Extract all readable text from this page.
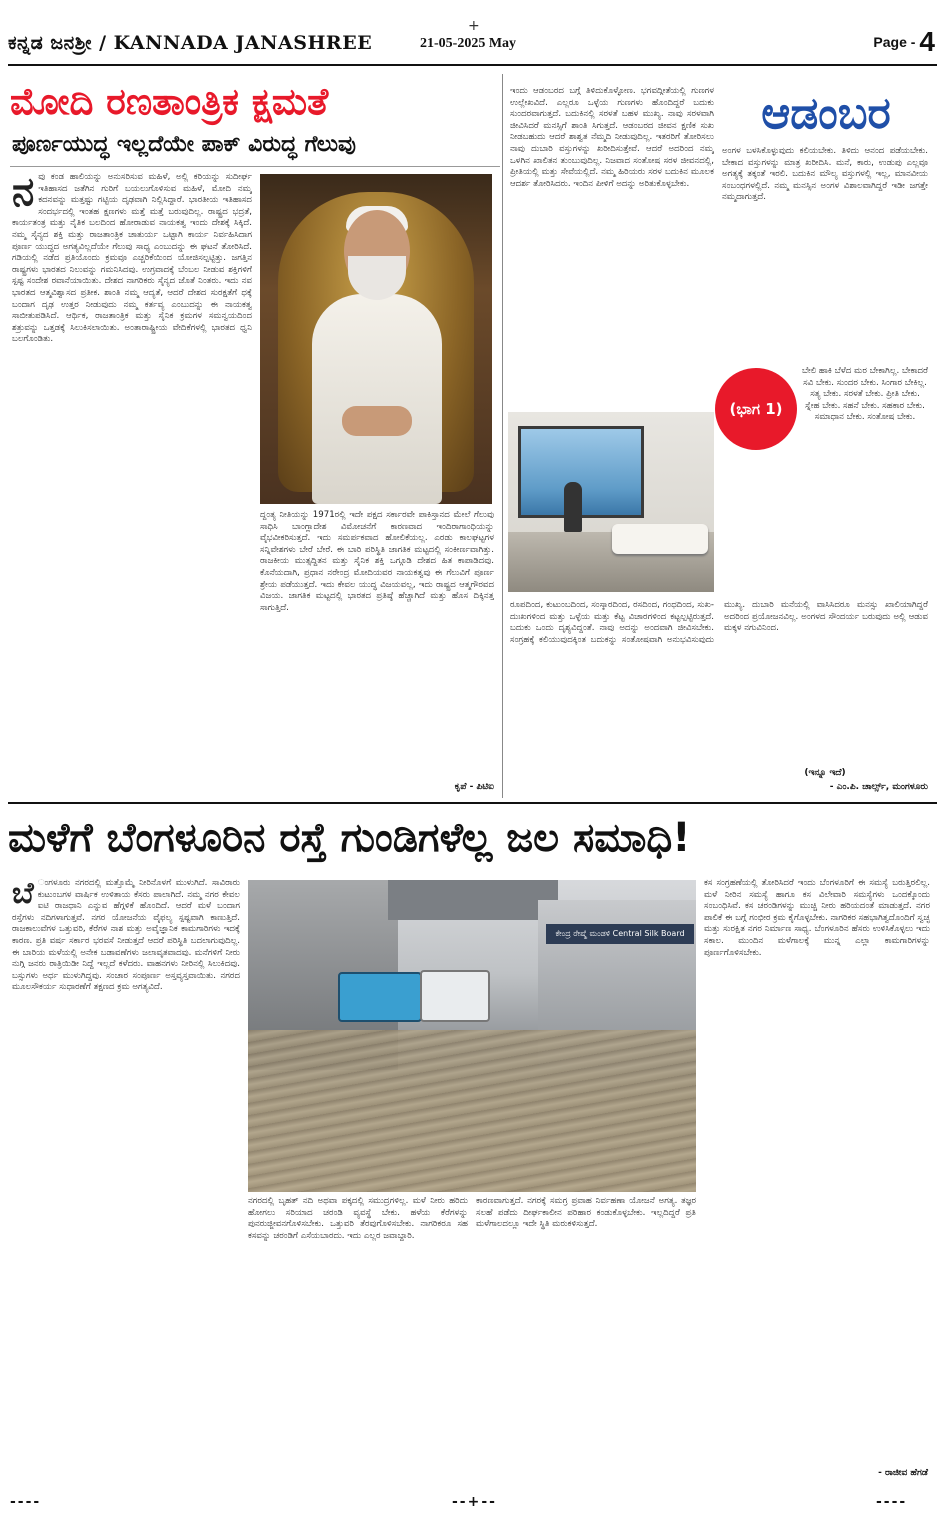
+
ಕನ್ನಡ ಜನಶ್ರೀ / KANNADA JANASHREE	21-05-2025 May	Page - 4
ಮೋದಿ ರಣತಾಂತ್ರಿಕ ಕ್ಷಮತೆ
ಪೂರ್ಣಯುದ್ಧ ಇಲ್ಲದೆಯೇ ಪಾಕ್ ವಿರುದ್ಧ ಗೆಲುವು
ನವು ಕಂಡ ಹಾಲಿಯನ್ನು ಅನುಸರಿಸುವ ಮಹಿಳೆ, ಅಲ್ಲಿ ಕರಿಯನ್ನು ಸುದೀರ್ಘ ಇತಿಹಾಸದ ಜತೆಗಿನ ಗುರಿಗೆ ಬಯಲುಗೊಳಿಸುವ ಮಹಿಳೆ, ಮೋದಿ ನಮ್ಮ ಕದನವನ್ನು ಮತ್ತಷ್ಟು ಗಟ್ಟಿಯ ದೃಢವಾಗಿ ನಿಲ್ಲಿಸಿದ್ದಾರೆ. ಭಾರತೀಯ ಇತಿಹಾಸದ ಸಂದರ್ಭದಲ್ಲಿ ಇಂತಹ ಕ್ಷಣಗಳು ಮತ್ತೆ ಮತ್ತೆ ಬರುವುದಿಲ್ಲ. ರಾಷ್ಟ್ರದ ಭದ್ರತೆ, ಕಾರ್ಯತಂತ್ರ ಮತ್ತು ನೈತಿಕ ಬಲದಿಂದ ಹೋರಾಡುವ ನಾಯಕತ್ವ ಇಂದು ದೇಶಕ್ಕೆ ಸಿಕ್ಕಿದೆ. ನಮ್ಮ ಸೈನ್ಯದ ಶಕ್ತಿ ಮತ್ತು ರಾಜತಾಂತ್ರಿಕ ಚಾತುರ್ಯ ಒಟ್ಟಾಗಿ ಕಾರ್ಯ ನಿರ್ವಹಿಸಿದಾಗ ಪೂರ್ಣ ಯುದ್ಧದ ಅಗತ್ಯವಿಲ್ಲದೆಯೇ ಗೆಲುವು ಸಾಧ್ಯ ಎಂಬುದನ್ನು ಈ ಘಟನೆ ತೋರಿಸಿದೆ. ಗಡಿಯಲ್ಲಿ ನಡೆದ ಪ್ರತಿಯೊಂದು ಕ್ರಮವೂ ಎಚ್ಚರಿಕೆಯಿಂದ ಯೋಜಿಸಲ್ಪಟ್ಟಿತ್ತು. ಜಗತ್ತಿನ ರಾಷ್ಟ್ರಗಳು ಭಾರತದ ನಿಲುವನ್ನು ಗಮನಿಸಿದವು. ಉಗ್ರವಾದಕ್ಕೆ ಬೆಂಬಲ ನೀಡುವ ಶಕ್ತಿಗಳಿಗೆ ಸ್ಪಷ್ಟ ಸಂದೇಶ ರವಾನೆಯಾಯಿತು. ದೇಶದ ನಾಗರಿಕರು ಸೈನ್ಯದ ಜೊತೆ ನಿಂತರು. ಇದು ನವ ಭಾರತದ ಆತ್ಮವಿಶ್ವಾಸದ ಪ್ರತೀಕ. ಶಾಂತಿ ನಮ್ಮ ಆದ್ಯತೆ, ಆದರೆ ದೇಶದ ಸುರಕ್ಷತೆಗೆ ಧಕ್ಕೆ ಬಂದಾಗ ದೃಢ ಉತ್ತರ ನೀಡುವುದು ನಮ್ಮ ಕರ್ತವ್ಯ ಎಂಬುದನ್ನು ಈ ನಾಯಕತ್ವ ಸಾಬೀತುಪಡಿಸಿದೆ. ಆರ್ಥಿಕ, ರಾಜತಾಂತ್ರಿಕ ಮತ್ತು ಸೈನಿಕ ಕ್ರಮಗಳ ಸಮನ್ವಯದಿಂದ ಶತ್ರುವನ್ನು ಒತ್ತಡಕ್ಕೆ ಸಿಲುಕಿಸಲಾಯಿತು. ಅಂತಾರಾಷ್ಟ್ರೀಯ ವೇದಿಕೆಗಳಲ್ಲಿ ಭಾರತದ ಧ್ವನಿ ಬಲಗೊಂಡಿತು.
ದ್ದಂತ್ಯ ನೀತಿಯನ್ನು 1971ರಲ್ಲಿ ಇದೇ ಪಕ್ಷದ ಸರ್ಕಾರವೇ ಪಾಕಿಸ್ತಾನದ ಮೇಲೆ ಗೆಲುವು ಸಾಧಿಸಿ ಬಾಂಗ್ಲಾದೇಶ ವಿಮೋಚನೆಗೆ ಕಾರಣವಾದ ಇಂದಿರಾಗಾಂಧಿಯನ್ನು ವೈಭವೀಕರಿಸುತ್ತದೆ. ಇದು ಸಮರ್ಪಕವಾದ ಹೋಲಿಕೆಯಲ್ಲ. ಎರಡು ಕಾಲಘಟ್ಟಗಳ ಸನ್ನಿವೇಶಗಳು ಬೇರೆ ಬೇರೆ. ಈ ಬಾರಿ ಪರಿಸ್ಥಿತಿ ಜಾಗತಿಕ ಮಟ್ಟದಲ್ಲಿ ಸಂಕೀರ್ಣವಾಗಿತ್ತು. ರಾಜಕೀಯ ಮುತ್ಸದ್ದಿತನ ಮತ್ತು ಸೈನಿಕ ಶಕ್ತಿ ಒಗ್ಗೂಡಿ ದೇಶದ ಹಿತ ಕಾಪಾಡಿದವು. ಕೊನೆಯದಾಗಿ, ಪ್ರಧಾನ ನರೇಂದ್ರ ಮೋದಿಯವರ ನಾಯಕತ್ವವು ಈ ಗೆಲುವಿಗೆ ಪೂರ್ಣ ಶ್ರೇಯ ಪಡೆಯುತ್ತದೆ. ಇದು ಕೇವಲ ಯುದ್ಧ ವಿಜಯವಲ್ಲ, ಇದು ರಾಷ್ಟ್ರದ ಆತ್ಮಗೌರವದ ವಿಜಯ. ಜಾಗತಿಕ ಮಟ್ಟದಲ್ಲಿ ಭಾರತದ ಪ್ರತಿಷ್ಠೆ ಹೆಚ್ಚಾಗಿದೆ ಮತ್ತು ಹೊಸ ದಿಕ್ಕಿನತ್ತ ಸಾಗುತ್ತಿದೆ.
ಕೃಪೆ - ಪಿಟಿಐ
ಇಂದು ಆಡಂಬರದ ಬಗ್ಗೆ ತಿಳಿದುಕೊಳ್ಳೋಣ. ಭಗವದ್ಗೀತೆಯಲ್ಲಿ ಗುಣಗಳ ಉಲ್ಲೇಖವಿದೆ. ಎಲ್ಲರೂ ಒಳ್ಳೆಯ ಗುಣಗಳು ಹೊಂದಿದ್ದರೆ ಬದುಕು ಸುಂದರವಾಗುತ್ತದೆ. ಬದುಕಿನಲ್ಲಿ ಸರಳತೆ ಬಹಳ ಮುಖ್ಯ. ನಾವು ಸರಳವಾಗಿ ಜೀವಿಸಿದರೆ ಮನಸ್ಸಿಗೆ ಶಾಂತಿ ಸಿಗುತ್ತದೆ. ಆಡಂಬರದ ಜೀವನ ಕ್ಷಣಿಕ ಸುಖ ನೀಡಬಹುದು ಆದರೆ ಶಾಶ್ವತ ನೆಮ್ಮದಿ ನೀಡುವುದಿಲ್ಲ. ಇತರರಿಗೆ ತೋರಿಸಲು ನಾವು ದುಬಾರಿ ವಸ್ತುಗಳನ್ನು ಖರೀದಿಸುತ್ತೇವೆ. ಆದರೆ ಅದರಿಂದ ನಮ್ಮ ಒಳಗಿನ ಖಾಲಿತನ ತುಂಬುವುದಿಲ್ಲ. ನಿಜವಾದ ಸಂತೋಷ ಸರಳ ಜೀವನದಲ್ಲಿ, ಪ್ರೀತಿಯಲ್ಲಿ ಮತ್ತು ಸೇವೆಯಲ್ಲಿದೆ. ನಮ್ಮ ಹಿರಿಯರು ಸರಳ ಬದುಕಿನ ಮೂಲಕ ಆದರ್ಶ ತೋರಿಸಿದರು. ಇಂದಿನ ಪೀಳಿಗೆ ಅದನ್ನು ಅರಿತುಕೊಳ್ಳಬೇಕು.
ಆಡಂಬರ
ಅಂಗಳ ಬಳಸಿಕೊಳ್ಳುವುದು ಕಲಿಯಬೇಕು. ತಿಳಿದು ಆನಂದ ಪಡೆಯಬೇಕು. ಬೇಕಾದ ವಸ್ತುಗಳನ್ನು ಮಾತ್ರ ಖರೀದಿಸಿ. ಮನೆ, ಕಾರು, ಉಡುಪು ಎಲ್ಲವೂ ಅಗತ್ಯಕ್ಕೆ ತಕ್ಕಂತೆ ಇರಲಿ. ಬದುಕಿನ ಮೌಲ್ಯ ವಸ್ತುಗಳಲ್ಲಿ ಇಲ್ಲ, ಮಾನವೀಯ ಸಂಬಂಧಗಳಲ್ಲಿದೆ. ನಮ್ಮ ಮನಸ್ಸಿನ ಅಂಗಳ ವಿಶಾಲವಾಗಿದ್ದರೆ ಇಡೀ ಜಗತ್ತೇ ನಮ್ಮದಾಗುತ್ತದೆ.
(ಭಾಗ 1)
ಬೇಲಿ ಹಾಕಿ ಬೆಳೆದ ಮರ ಬೇಕಾಗಿಲ್ಲ. ಬೇಕಾದರೆ ಸವಿ ಬೇಕು. ಸುಂದರ ಬೇಕು. ಸಿಂಗಾರ ಬೇಕಿಲ್ಲ. ಸತ್ಯ ಬೇಕು. ಸರಳತೆ ಬೇಕು. ಪ್ರೀತಿ ಬೇಕು. ಸ್ನೇಹ ಬೇಕು. ಸಹನೆ ಬೇಕು. ಸಹಕಾರ ಬೇಕು. ಸಮಾಧಾನ ಬೇಕು. ಸಂತೋಷ ಬೇಕು.
ರೂಪದಿಂದ, ಕುಟುಂಬದಿಂದ, ಸಂಸ್ಕಾರದಿಂದ, ರಸದಿಂದ, ಗಂಧದಿಂದ, ಸುಖ-ದುಃಖಗಳಿಂದ ಮತ್ತು ಒಳ್ಳೆಯ ಮತ್ತು ಕೆಟ್ಟ ವಿಚಾರಗಳಿಂದ ಕಟ್ಟಲ್ಪಟ್ಟಿರುತ್ತದೆ. ಬದುಕು ಒಂದು ದೃಶ್ಯವಿದ್ದಂತೆ. ನಾವು ಅದನ್ನು ಅಂದವಾಗಿ ಜೀವಿಸಬೇಕು. ಸಂಗ್ರಹಕ್ಕೆ ಕಲಿಯುವುದಕ್ಕಿಂತ ಬದುಕನ್ನು ಸಂತೋಷವಾಗಿ ಅನುಭವಿಸುವುದು ಮುಖ್ಯ. ದುಬಾರಿ ಮನೆಯಲ್ಲಿ ವಾಸಿಸಿದರೂ ಮನಸ್ಸು ಖಾಲಿಯಾಗಿದ್ದರೆ ಅದರಿಂದ ಪ್ರಯೋಜನವಿಲ್ಲ. ಅಂಗಳದ ಸೌಂದರ್ಯ ಬರುವುದು ಅಲ್ಲಿ ಆಡುವ ಮಕ್ಕಳ ನಗುವಿನಿಂದ.
(ಇನ್ನೂ ಇದೆ)
- ಎಂ.ಪಿ. ಚಾರ್ಲ್ಸ್, ಮಂಗಳೂರು
ಮಳೆಗೆ ಬೆಂಗಳೂರಿನ ರಸ್ತೆ ಗುಂಡಿಗಳೆಲ್ಲ ಜಲ ಸಮಾಧಿ!
ಬೆ ಂಗಳೂರು ನಗರದಲ್ಲಿ ಮತ್ತೊಮ್ಮೆ ನೀರಿನೊಳಗೆ ಮುಳುಗಿದೆ. ಸಾವಿರಾರು ಕುಟುಂಬಗಳ ವಾರ್ಷಿಕ ಉಳಿತಾಯ ಕೆಸರು ಪಾಲಾಗಿದೆ. ನಮ್ಮ ನಗರ ಕೇವಲ ಐಟಿ ರಾಜಧಾನಿ ಎನ್ನುವ ಹೆಗ್ಗಳಿಕೆ ಹೊಂದಿದೆ. ಆದರೆ ಮಳೆ ಬಂದಾಗ ರಸ್ತೆಗಳು ನದಿಗಳಾಗುತ್ತವೆ. ನಗರ ಯೋಜನೆಯ ವೈಫಲ್ಯ ಸ್ಪಷ್ಟವಾಗಿ ಕಾಣುತ್ತಿದೆ. ರಾಜಕಾಲುವೆಗಳ ಒತ್ತುವರಿ, ಕೆರೆಗಳ ನಾಶ ಮತ್ತು ಅವೈಜ್ಞಾನಿಕ ಕಾಮಗಾರಿಗಳು ಇದಕ್ಕೆ ಕಾರಣ. ಪ್ರತಿ ವರ್ಷ ಸರ್ಕಾರ ಭರವಸೆ ನೀಡುತ್ತದೆ ಆದರೆ ಪರಿಸ್ಥಿತಿ ಬದಲಾಗುವುದಿಲ್ಲ. ಈ ಬಾರಿಯ ಮಳೆಯಲ್ಲಿ ಅನೇಕ ಬಡಾವಣೆಗಳು ಜಲಾವೃತವಾದವು. ಮನೆಗಳಿಗೆ ನೀರು ನುಗ್ಗಿ ಜನರು ರಾತ್ರಿಯಿಡೀ ನಿದ್ದೆ ಇಲ್ಲದೆ ಕಳೆದರು. ವಾಹನಗಳು ನೀರಿನಲ್ಲಿ ಸಿಲುಕಿದವು. ಬಸ್ಸುಗಳು ಅರ್ಧ ಮುಳುಗಿದ್ದವು. ಸಂಚಾರ ಸಂಪೂರ್ಣ ಅಸ್ತವ್ಯಸ್ತವಾಯಿತು. ನಗರದ ಮೂಲಸೌಕರ್ಯ ಸುಧಾರಣೆಗೆ ತಕ್ಷಣದ ಕ್ರಮ ಅಗತ್ಯವಿದೆ.
ಕೇಂದ್ರ ರೇಷ್ಮೆ ಮಂಡಳಿ Central Silk Board
ನಗರದಲ್ಲಿ ಬೃಹತ್ ನದಿ ಅಥವಾ ಪಕ್ಕದಲ್ಲಿ ಸಮುದ್ರಗಳಿಲ್ಲ. ಮಳೆ ನೀರು ಹರಿದು ಹೋಗಲು ಸರಿಯಾದ ಚರಂಡಿ ವ್ಯವಸ್ಥೆ ಬೇಕು. ಹಳೆಯ ಕೆರೆಗಳನ್ನು ಪುನರುಜ್ಜೀವನಗೊಳಿಸಬೇಕು. ಒತ್ತುವರಿ ತೆರವುಗೊಳಿಸಬೇಕು. ನಾಗರಿಕರೂ ಸಹ ಕಸವನ್ನು ಚರಂಡಿಗೆ ಎಸೆಯಬಾರದು. ಇದು ಎಲ್ಲರ ಜವಾಬ್ದಾರಿ.
ಕಾರಣವಾಗುತ್ತದೆ. ನಗರಕ್ಕೆ ಸಮಗ್ರ ಪ್ರವಾಹ ನಿರ್ವಹಣಾ ಯೋಜನೆ ಅಗತ್ಯ. ತಜ್ಞರ ಸಲಹೆ ಪಡೆದು ದೀರ್ಘಕಾಲೀನ ಪರಿಹಾರ ಕಂಡುಕೊಳ್ಳಬೇಕು. ಇಲ್ಲದಿದ್ದರೆ ಪ್ರತಿ ಮಳೆಗಾಲದಲ್ಲೂ ಇದೇ ಸ್ಥಿತಿ ಮರುಕಳಿಸುತ್ತದೆ.
ಕಸ ಸಂಗ್ರಹಣೆಯಲ್ಲಿ ತೋರಿಸಿದರೆ ಇಂದು ಬೆಂಗಳೂರಿಗೆ ಈ ಸಮಸ್ಯೆ ಬರುತ್ತಿರಲಿಲ್ಲ. ಮಳೆ ನೀರಿನ ಸಮಸ್ಯೆ ಹಾಗೂ ಕಸ ವಿಲೇವಾರಿ ಸಮಸ್ಯೆಗಳು ಒಂದಕ್ಕೊಂದು ಸಂಬಂಧಿಸಿವೆ. ಕಸ ಚರಂಡಿಗಳನ್ನು ಮುಚ್ಚಿ ನೀರು ಹರಿಯದಂತೆ ಮಾಡುತ್ತದೆ. ನಗರ ಪಾಲಿಕೆ ಈ ಬಗ್ಗೆ ಗಂಭೀರ ಕ್ರಮ ಕೈಗೊಳ್ಳಬೇಕು. ನಾಗರಿಕರ ಸಹಭಾಗಿತ್ವದೊಂದಿಗೆ ಸ್ವಚ್ಛ ಮತ್ತು ಸುರಕ್ಷಿತ ನಗರ ನಿರ್ಮಾಣ ಸಾಧ್ಯ. ಬೆಂಗಳೂರಿನ ಹೆಸರು ಉಳಿಸಿಕೊಳ್ಳಲು ಇದು ಸಕಾಲ. ಮುಂದಿನ ಮಳೆಗಾಲಕ್ಕೆ ಮುನ್ನ ಎಲ್ಲಾ ಕಾಮಗಾರಿಗಳನ್ನು ಪೂರ್ಣಗೊಳಿಸಬೇಕು.
- ರಾಜೀವ ಹೆಗಡೆ
----	--+--	----
